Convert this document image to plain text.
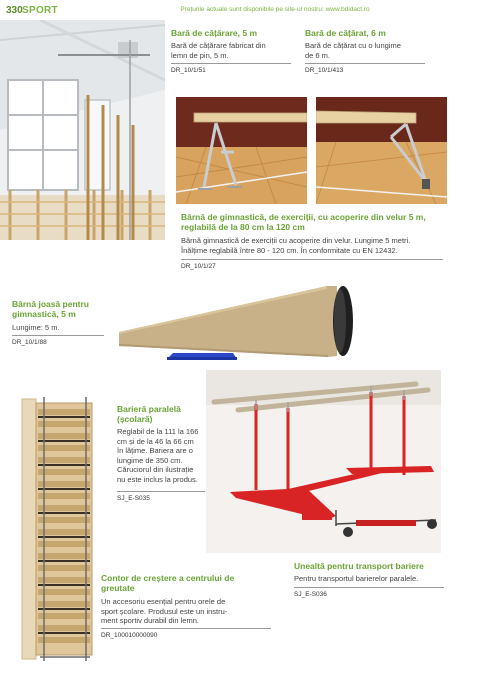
330 SPORT	Prețurile actuale sunt disponibile pe site-ul nostru: www.bdidact.ro
Bară de cățărare, 5 m
Bară de cățărare fabricat din lemn de pin, 5 m.
DR_10/1/51
Bară de cățărat, 6 m
Bară de cățărat cu o lungime de 6 m.
DR_10/1/413
Bârnă de gimnastică, de exerciții, cu acoperire din velur 5 m,
reglabilă de la 80 cm la 120 cm
Bârnă gimnastică de exerciții cu acoperire din velur. Lungime 5 metri.
Înălțime reglabilă între 80 - 120 cm. În conformitate cu EN 12432.
DR_10/1/27
Bârnă joasă pentru
gimnastică, 5 m
Lungime: 5 m.
DR_10/1/88
Barieră paralelă
(școlară)
Reglabil de la 111 la 166
cm și de la 46 la 66 cm
în lățime. Bariera are o
lungime de 350 cm.
Căruciorul din ilustrație
nu este inclus la produs.
SJ_E-S035
Contor de creștere a centrului de
greutate
Un accesoriu esențial pentru orele de
sport școlare. Produsul este un instru-
ment sportiv durabil din lemn.
DR_100010000090
Unealtă pentru transport bariere
Pentru transportul barierelor paralele.
SJ_E-S036
